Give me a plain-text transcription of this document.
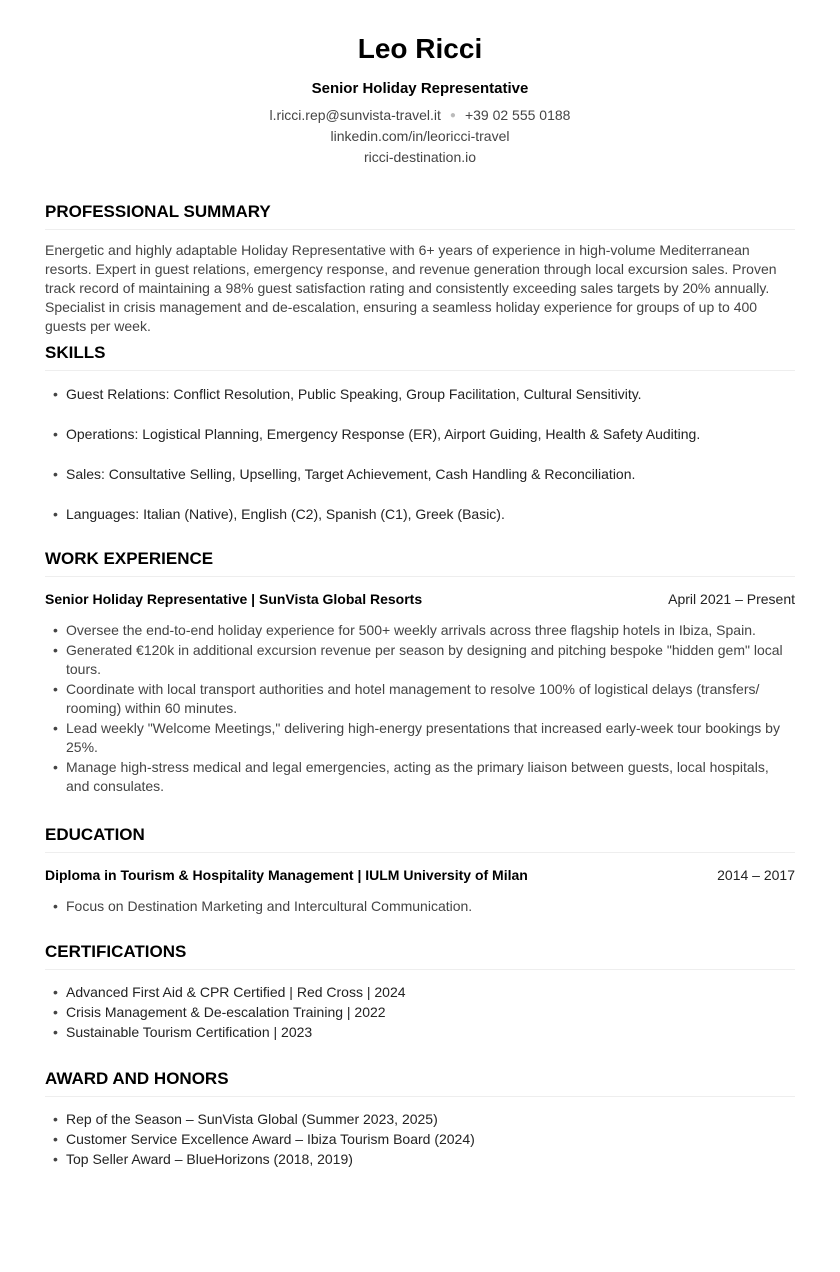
Leo Ricci
Senior Holiday Representative
l.ricci.rep@sunvista-travel.it ● +39 02 555 0188
linkedin.com/in/leoricci-travel
ricci-destination.io
PROFESSIONAL SUMMARY
Energetic and highly adaptable Holiday Representative with 6+ years of experience in high-volume Mediterranean resorts. Expert in guest relations, emergency response, and revenue generation through local excursion sales. Proven track record of maintaining a 98% guest satisfaction rating and consistently exceeding sales targets by 20% annually. Specialist in crisis management and de-escalation, ensuring a seamless holiday experience for groups of up to 400 guests per week.
SKILLS
• Guest Relations: Conflict Resolution, Public Speaking, Group Facilitation, Cultural Sensitivity.
• Operations: Logistical Planning, Emergency Response (ER), Airport Guiding, Health & Safety Auditing.
• Sales: Consultative Selling, Upselling, Target Achievement, Cash Handling & Reconciliation.
• Languages: Italian (Native), English (C2), Spanish (C1), Greek (Basic).
WORK EXPERIENCE
Senior Holiday Representative | SunVista Global Resorts	April 2021 – Present
• Oversee the end-to-end holiday experience for 500+ weekly arrivals across three flagship hotels in Ibiza, Spain.
• Generated €120k in additional excursion revenue per season by designing and pitching bespoke "hidden gem" local tours.
• Coordinate with local transport authorities and hotel management to resolve 100% of logistical delays (transfers/ rooming) within 60 minutes.
• Lead weekly "Welcome Meetings," delivering high-energy presentations that increased early-week tour bookings by 25%.
• Manage high-stress medical and legal emergencies, acting as the primary liaison between guests, local hospitals, and consulates.
EDUCATION
Diploma in Tourism & Hospitality Management | IULM University of Milan	2014 – 2017
• Focus on Destination Marketing and Intercultural Communication.
CERTIFICATIONS
• Advanced First Aid & CPR Certified | Red Cross | 2024
• Crisis Management & De-escalation Training | 2022
• Sustainable Tourism Certification | 2023
AWARD AND HONORS
• Rep of the Season – SunVista Global (Summer 2023, 2025)
• Customer Service Excellence Award – Ibiza Tourism Board (2024)
• Top Seller Award – BlueHorizons (2018, 2019)
